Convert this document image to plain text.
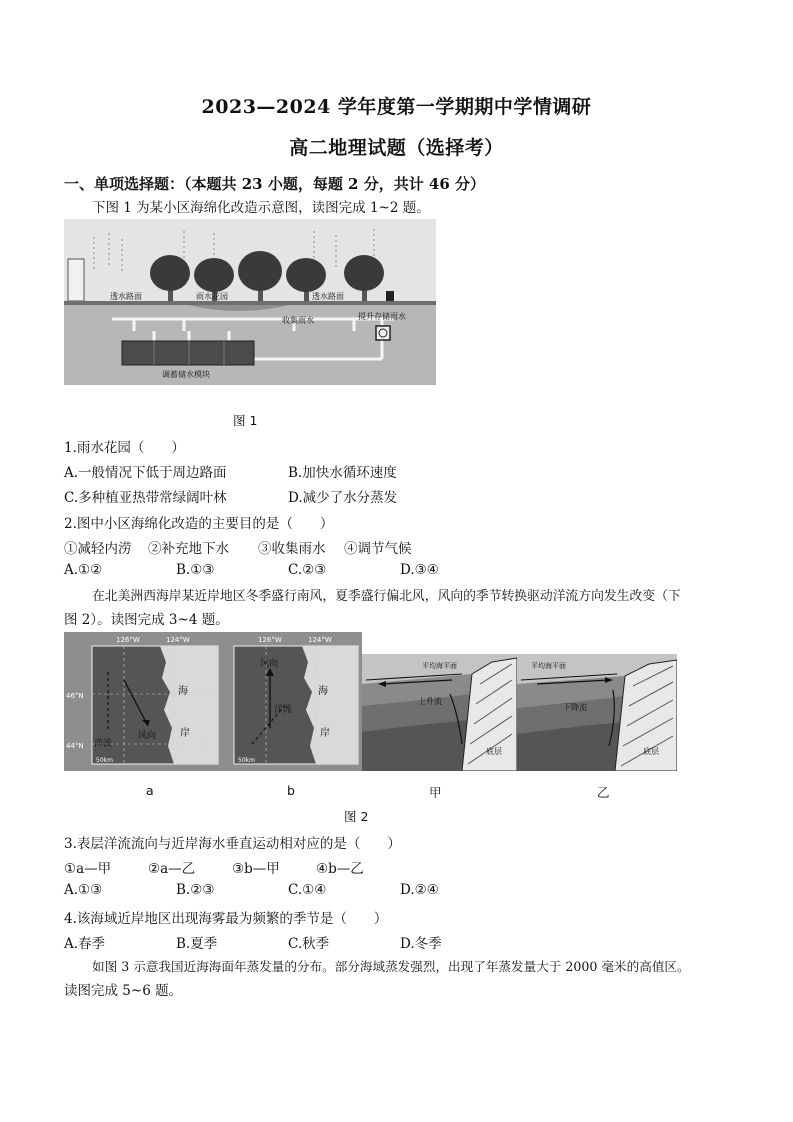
2023—2024 学年度第一学期期中学情调研
高二地理试题（选择考）
一、单项选择题：（本题共 23 小题，每题 2 分，共计 46 分）
下图 1 为某小区海绵化改造示意图，读图完成 1~2 题。
透水路面	雨水花园	透水路面
收集雨水	提升存储雨水
调蓄储水模块
图 1
1.雨水花园（　　）
A.一般情况下低于周边路面	B.加快水循环速度
C.多种植亚热带常绿阔叶林	D.减少了水分蒸发
2.图中小区海绵化改造的主要目的是（　　）
①减轻内涝 ②补充地下水 ③收集雨水 ④调节气候
A.①②	B.①③	C.②③	D.③④
在北美洲西海岸某近岸地区冬季盛行南风，夏季盛行偏北风，风向的季节转换驱动洋流方向发生改变（下
图 2）。读图完成 3~4 题。
126°W	124°W
46°N
44°N
海
岸
洋流
风向
50km
126°W	124°W
风向
洋流
海
岸
50km
平均海平面
上升流
底层
平均海平面
下降流
底层
a	b	甲	乙
图 2
3.表层洋流流向与近岸海水垂直运动相对应的是（　　）
①a—甲	②a—乙	③b—甲	④b—乙
A.①③	B.②③	C.①④	D.②④
4.该海域近岸地区出现海雾最为频繁的季节是（　　）
A.春季	B.夏季	C.秋季	D.冬季
如图 3 示意我国近海海面年蒸发量的分布。部分海域蒸发强烈，出现了年蒸发量大于 2000 毫米的高值区。
读图完成 5~6 题。
